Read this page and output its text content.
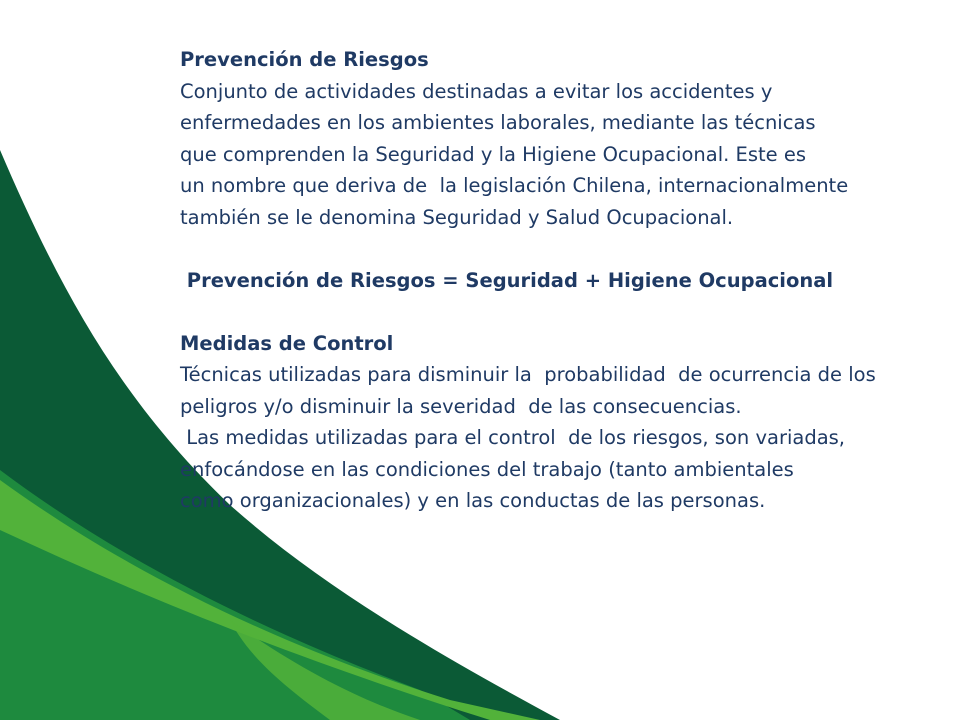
Prevención de Riesgos
Conjunto de actividades destinadas a evitar los accidentes y
enfermedades en los ambientes laborales, mediante las técnicas
que comprenden la Seguridad y la Higiene Ocupacional. Este es
un nombre que deriva de  la legislación Chilena, internacionalmente
también se le denomina Seguridad y Salud Ocupacional.
Prevención de Riesgos = Seguridad + Higiene Ocupacional
Medidas de Control
Técnicas utilizadas para disminuir la  probabilidad  de ocurrencia de los
peligros y/o disminuir la severidad  de las consecuencias.
Las medidas utilizadas para el control  de los riesgos, son variadas,
enfocándose en las condiciones del trabajo (tanto ambientales
como organizacionales) y en las conductas de las personas.
